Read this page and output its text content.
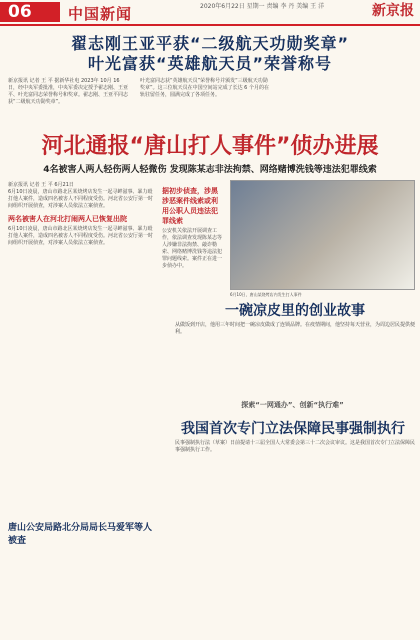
06	中国新闻	2020年6月22日 星期一 责编 李 丹 美编 王 洋	新京报
翟志刚王亚平获“二级航天功勋奖章”
叶光富获“英雄航天员”荣誉称号
新京报讯 记者 王 平 据新华社电 2023年 10月 16日，经中央军委批准，中央军委决定授予翟志刚、王亚平、叶光富同志荣誉称号和奖章。翟志刚、王亚平同志获“二级航天功勋奖章”。
叶光富同志获“英雄航天员”荣誉称号并颁发“三级航天功勋奖章”。这三位航天员在中国空间站完成了长达 6 个月的在轨驻留任务，圆满完成了各项任务。
河北通报“唐山打人事件”侦办进展
4名被害人两人轻伤两人轻微伤 发现陈某志非法拘禁、网络赌博洗钱等违法犯罪线索
新京报讯 记者 王 平 6月21日
6月10日凌晨，唐山市路北区某烧烤店发生一起寻衅滋事、暴力殴打他人案件，造成四名被害人不同程度受伤。河北省公安厅第一时间组织开展侦查，对涉案人员依法立案侦查。
两名被害人在河北打闹两人已恢复出院
6月10日凌晨，唐山市路北区某烧烤店发生一起寻衅滋事、暴力殴打他人案件，造成四名被害人不同程度受伤。河北省公安厅第一时间组织开展侦查，对涉案人员依法立案侦查。
唐山公安局路北分局局长马爱军等人被查
据初步侦查，涉黑涉恶案件线索或利用公职人员违法犯罪线索
公安机关依法开展调查工作，依法调查发现陈某志等人涉嫌非法拘禁、敲诈勒索、网络赌博洗钱等违法犯罪问题线索。案件正在进一步侦办中。
6月10日，唐山某烧烤店内发生打人事件
一碗凉皮里的创业故事
从做饭到开店，他用三年时间把一碗凉皮做成了连锁品牌。在疫情期间，他坚持每天营业，为周边居民提供便利。
探索“一网通办”、创新“执行难”
我国首次专门立法保障民事强制执行
民事强制执行法（草案）日前提请十三届全国人大常委会第三十二次会议审议。这是我国首次专门立法保障民事强制执行工作。
